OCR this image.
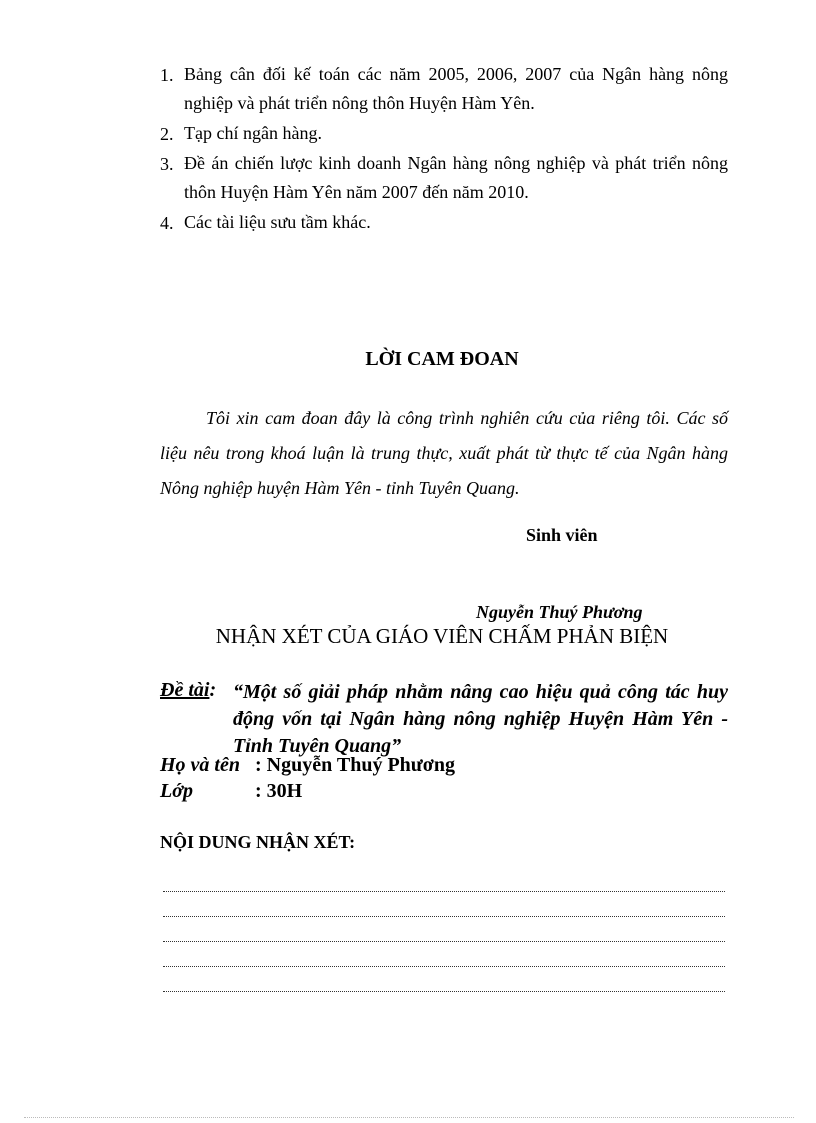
1. Bảng cân đối kế toán các năm 2005, 2006, 2007 của Ngân hàng nông nghiệp và phát triển nông thôn Huyện Hàm Yên.
2. Tạp chí ngân hàng.
3. Đề án chiến lược kinh doanh Ngân hàng nông nghiệp và phát triển nông thôn Huyện Hàm Yên năm 2007 đến năm 2010.
4. Các tài liệu sưu tầm khác.
LỜI CAM ĐOAN
Tôi xin cam đoan đây là công trình nghiên cứu của riêng tôi. Các số liệu nêu trong khoá luận là trung thực, xuất phát từ thực tế của Ngân hàng Nông nghiệp huyện Hàm Yên - tỉnh Tuyên Quang.
Sinh viên
Nguyễn Thuý Phương
NHẬN XÉT CỦA GIÁO VIÊN CHẤM PHẢN BIỆN
Đề tài: “Một số giải pháp nhằm nâng cao hiệu quả công tác huy động vốn tại Ngân hàng nông nghiệp Huyện Hàm Yên - Tỉnh Tuyên Quang”
Họ và tên : Nguyễn Thuý Phương
Lớp	: 30H
NỘI DUNG NHẬN XÉT:
